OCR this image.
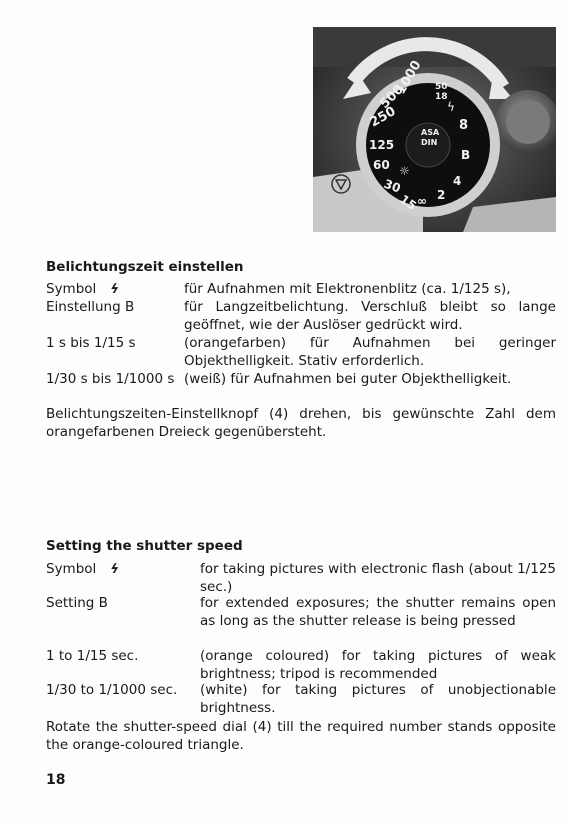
1000
500
250
125
60
30
15
8
4
2
B
∞
ASA
DIN
50
18
☼
ϟ
Belichtungszeit einstellen
Symbol ϟ	für Aufnahmen mit Elektronenblitz (ca. 1/125 s),
Einstellung B	für Langzeitbelichtung. Verschluß bleibt so lange geöffnet, wie der Auslöser gedrückt wird.
1 s bis 1/15 s	(orangefarben) für Aufnahmen bei geringer Objekthelligkeit. Stativ erforderlich.
1/30 s bis 1/1000 s (weiß) für Aufnahmen bei guter Objekthelligkeit.

Belichtungszeiten-Einstellknopf (4) drehen, bis gewünschte Zahl dem orangefarbenen Dreieck gegenübersteht.

Setting the shutter speed
Symbol ϟ	for taking pictures with electronic flash (about 1/125 sec.)
Setting B	for extended exposures; the shutter remains open as long as the shutter release is being pressed
1 to 1/15 sec.	(orange coloured) for taking pictures of weak brightness; tripod is recommended
1/30 to 1/1000 sec. (white) for taking pictures of unobjectionable brightness.

Rotate the shutter-speed dial (4) till the required number stands opposite the orange-coloured triangle.

18
